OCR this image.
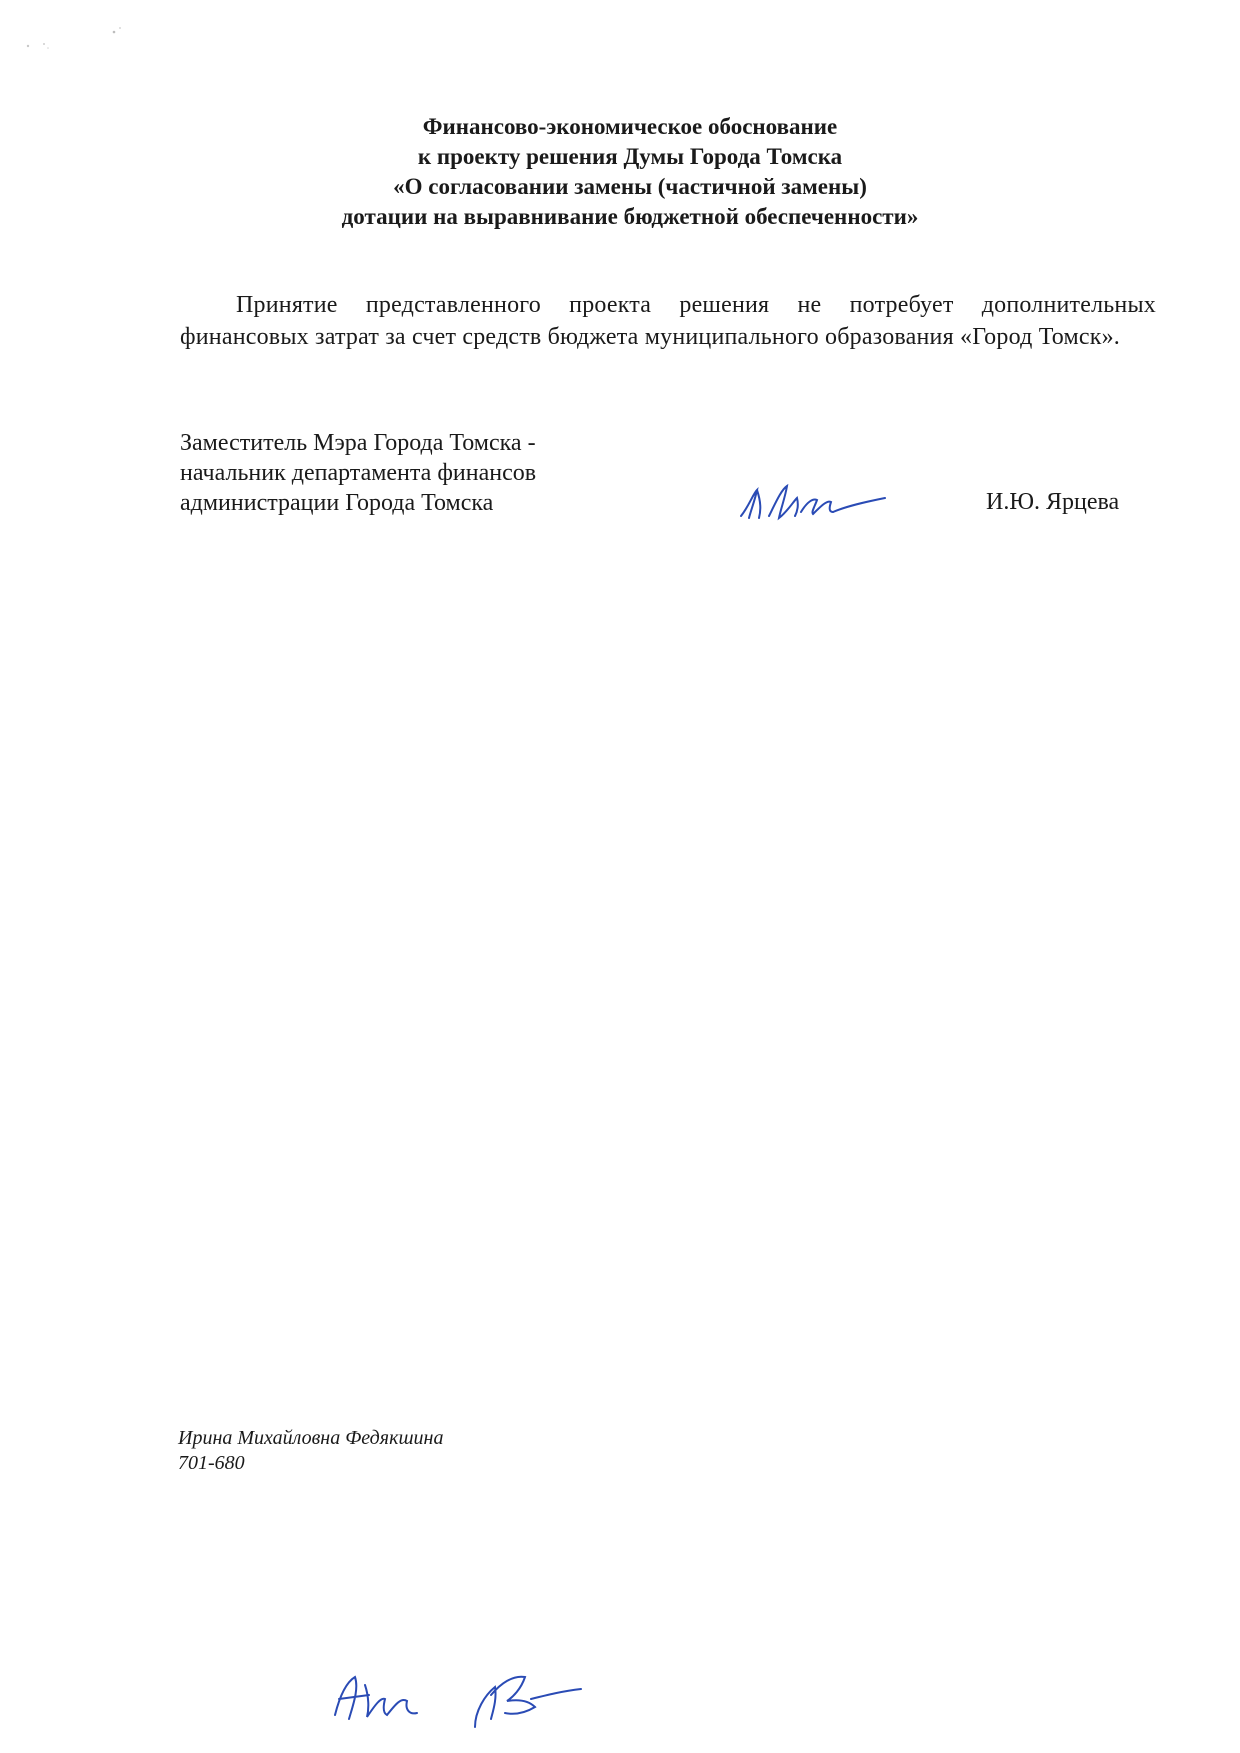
Финансово-экономическое обоснование
к проекту решения Думы Города Томска
«О согласовании замены (частичной замены)
дотации на выравнивание бюджетной обеспеченности»

Принятие представленного проекта решения не потребует дополнительных финансовых затрат за счет средств бюджета муниципального образования «Город Томск».

Заместитель Мэра Города Томска -
начальник департамента финансов
администрации Города Томска	И.Ю. Ярцева
Ирина Михайловна Федякшина
701-680
